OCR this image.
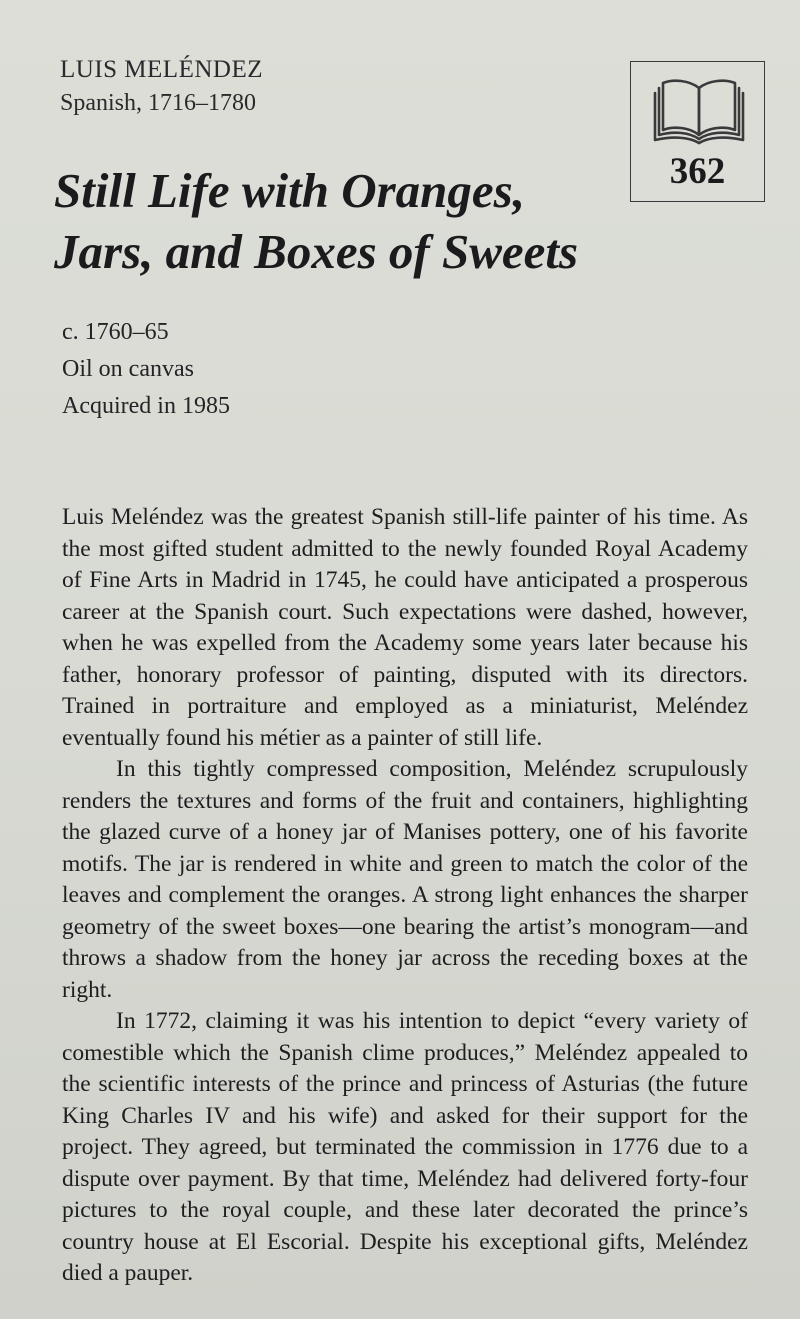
LUIS MELÉNDEZ
Spanish, 1716–1780
Still Life with Oranges,
Jars, and Boxes of Sweets
362
c. 1760–65
Oil on canvas
Acquired in 1985

Luis Meléndez was the greatest Spanish still-life painter of his time. As the most gifted student admitted to the newly founded Royal Academy of Fine Arts in Madrid in 1745, he could have anticipated a prosperous career at the Spanish court. Such expectations were dashed, however, when he was expelled from the Academy some years later because his father, honorary professor of painting, disputed with its directors. Trained in portraiture and employed as a miniaturist, Meléndez eventually found his métier as a painter of still life.

In this tightly compressed composition, Meléndez scrupulously renders the textures and forms of the fruit and containers, highlighting the glazed curve of a honey jar of Manises pottery, one of his favorite motifs. The jar is rendered in white and green to match the color of the leaves and complement the oranges. A strong light enhances the sharper geometry of the sweet boxes—one bearing the artist’s monogram—and throws a shadow from the honey jar across the receding boxes at the right.

In 1772, claiming it was his intention to depict “every variety of comestible which the Spanish clime produces,” Meléndez appealed to the scientific interests of the prince and princess of Asturias (the future King Charles IV and his wife) and asked for their support for the project. They agreed, but terminated the commission in 1776 due to a dispute over payment. By that time, Meléndez had delivered forty-four pictures to the royal couple, and these later decorated the prince’s country house at El Escorial. Despite his exceptional gifts, Meléndez died a pauper.
